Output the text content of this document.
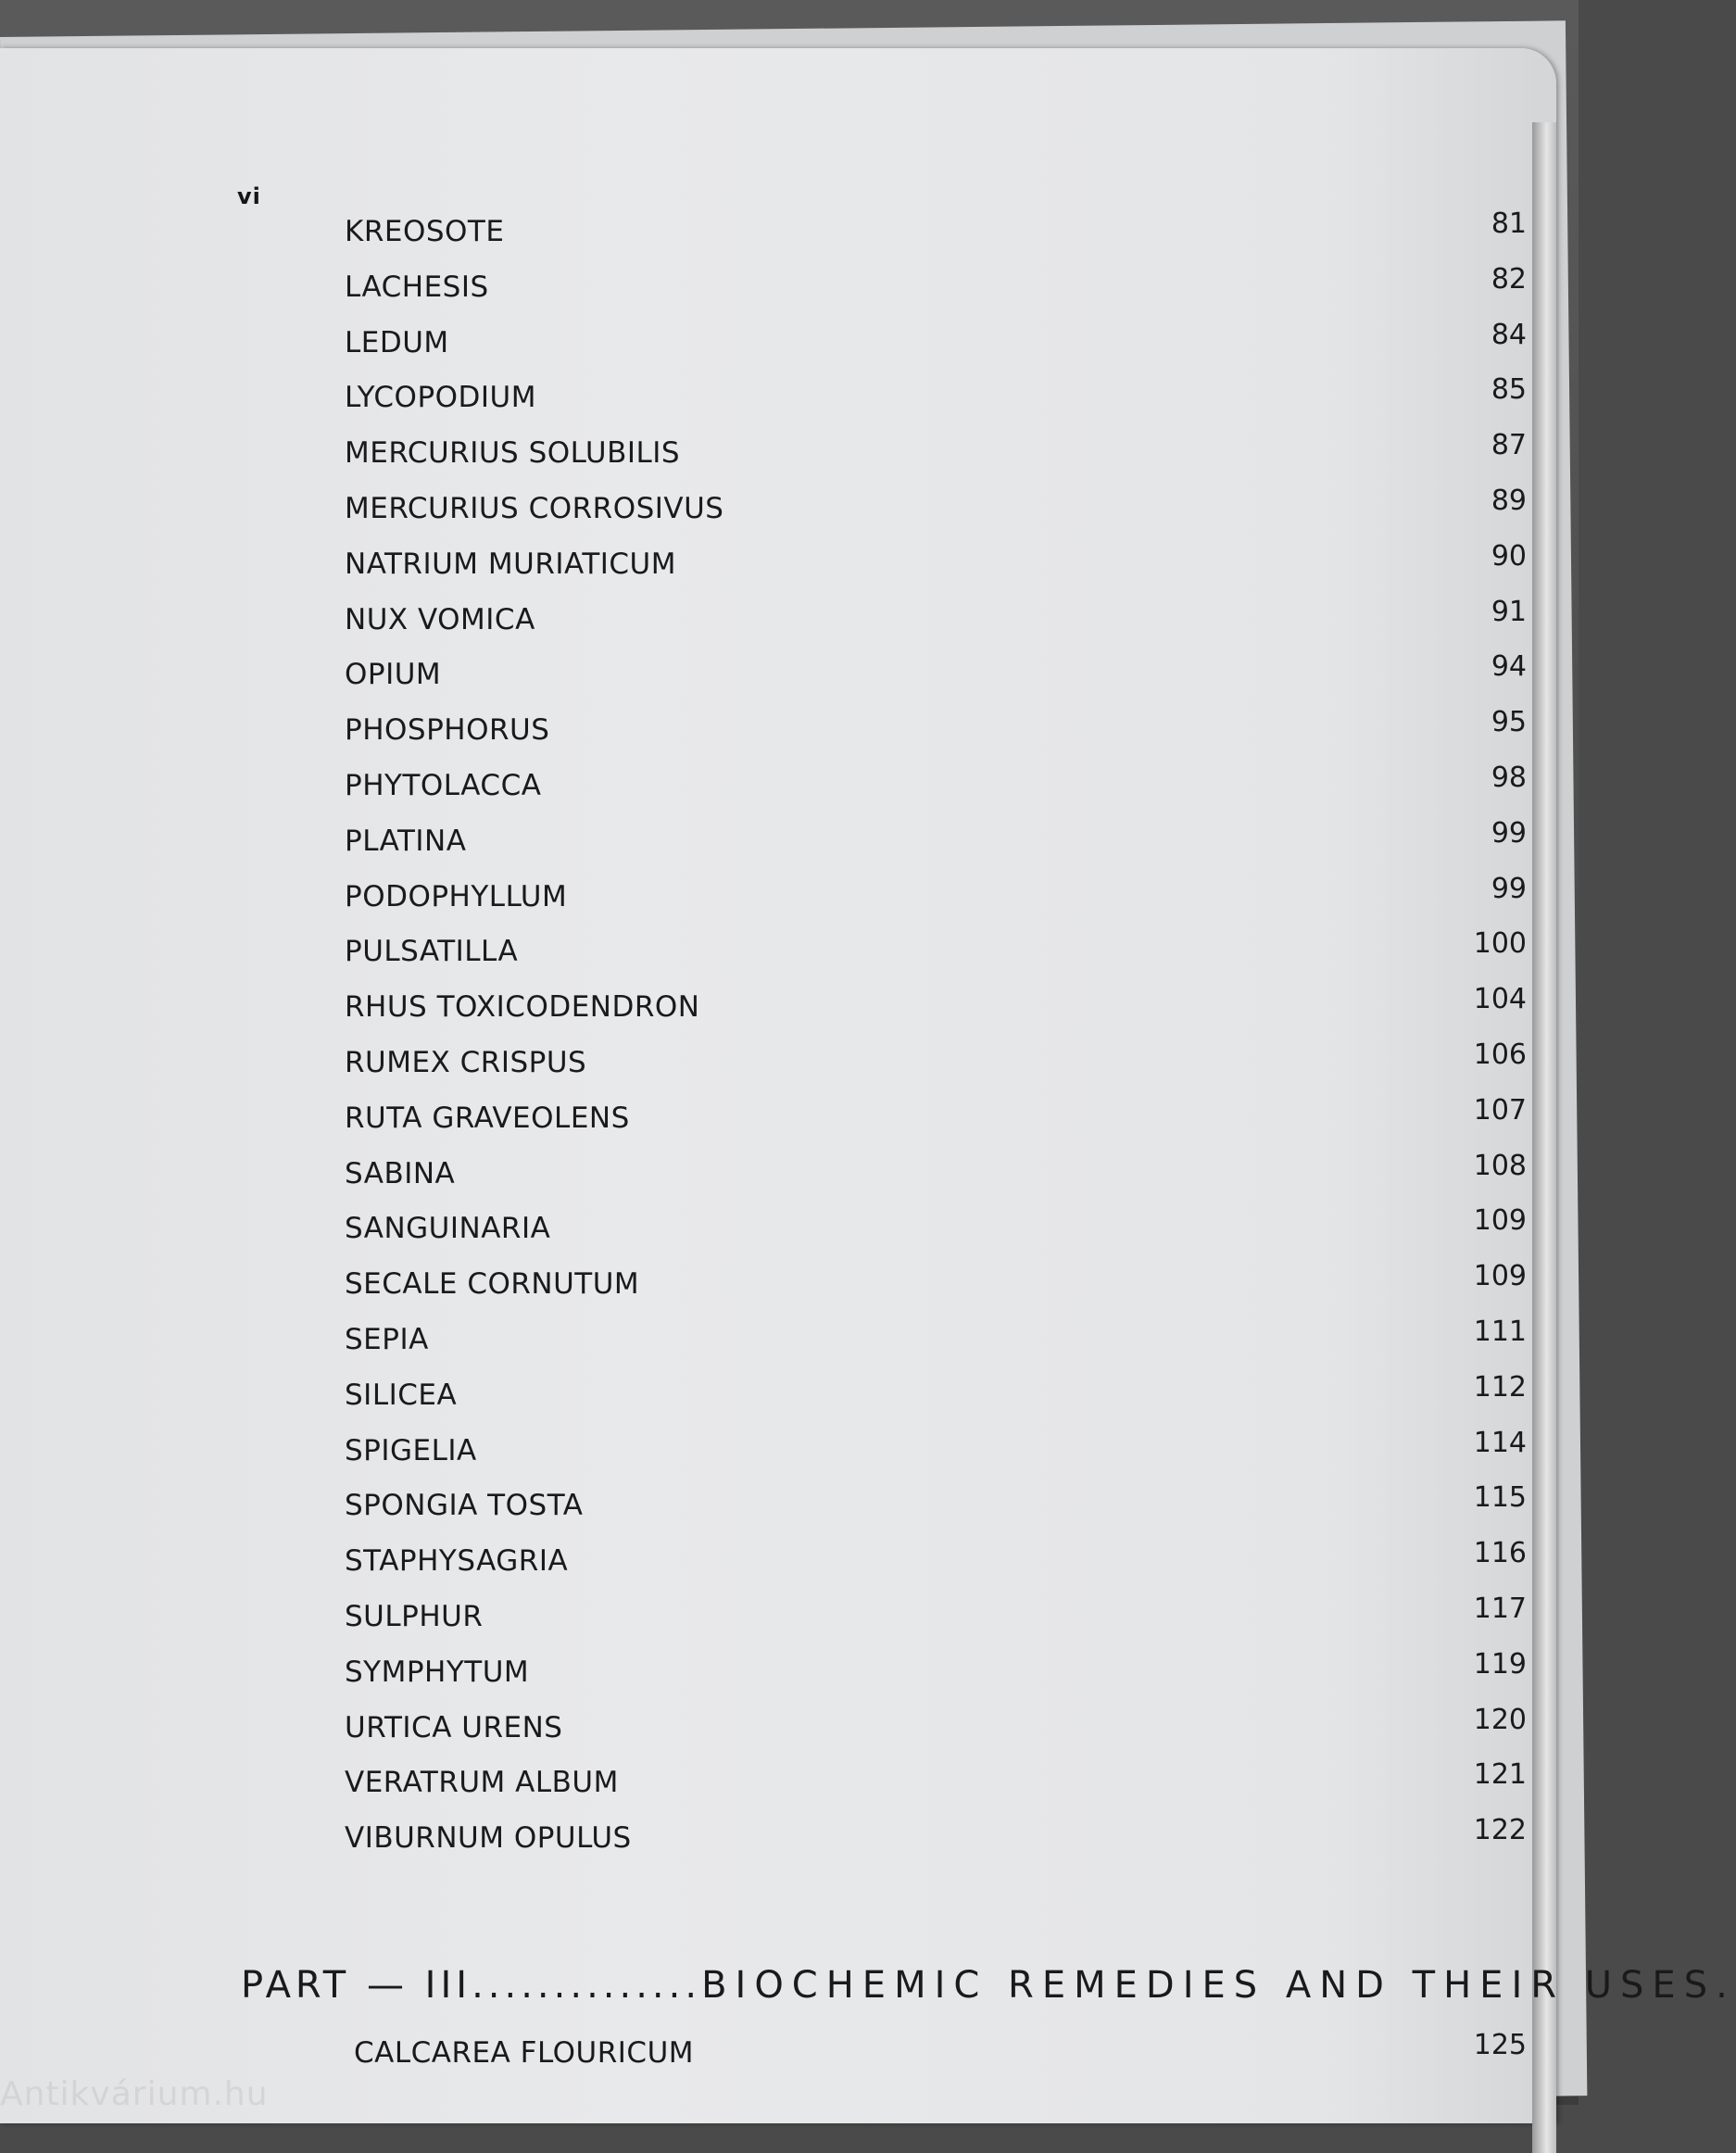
vi
KREOSOTE	81
LACHESIS	82
LEDUM	84
LYCOPODIUM	85
MERCURIUS SOLUBILIS	87
MERCURIUS CORROSIVUS	89
NATRIUM MURIATICUM	90
NUX VOMICA	91
OPIUM	94
PHOSPHORUS	95
PHYTOLACCA	98
PLATINA	99
PODOPHYLLUM	99
PULSATILLA	100
RHUS TOXICODENDRON	104
RUMEX CRISPUS	106
RUTA GRAVEOLENS	107
SABINA	108
SANGUINARIA	109
SECALE CORNUTUM	109
SEPIA	111
SILICEA	112
SPIGELIA	114
SPONGIA TOSTA	115
STAPHYSAGRIA	116
SULPHUR	117
SYMPHYTUM	119
URTICA URENS	120
VERATRUM ALBUM	121
VIBURNUM OPULUS	122
PART — III..............BIOCHEMIC REMEDIES AND THEIR USES.
CALCAREA FLOURICUM	125
Antikvárium.hu
